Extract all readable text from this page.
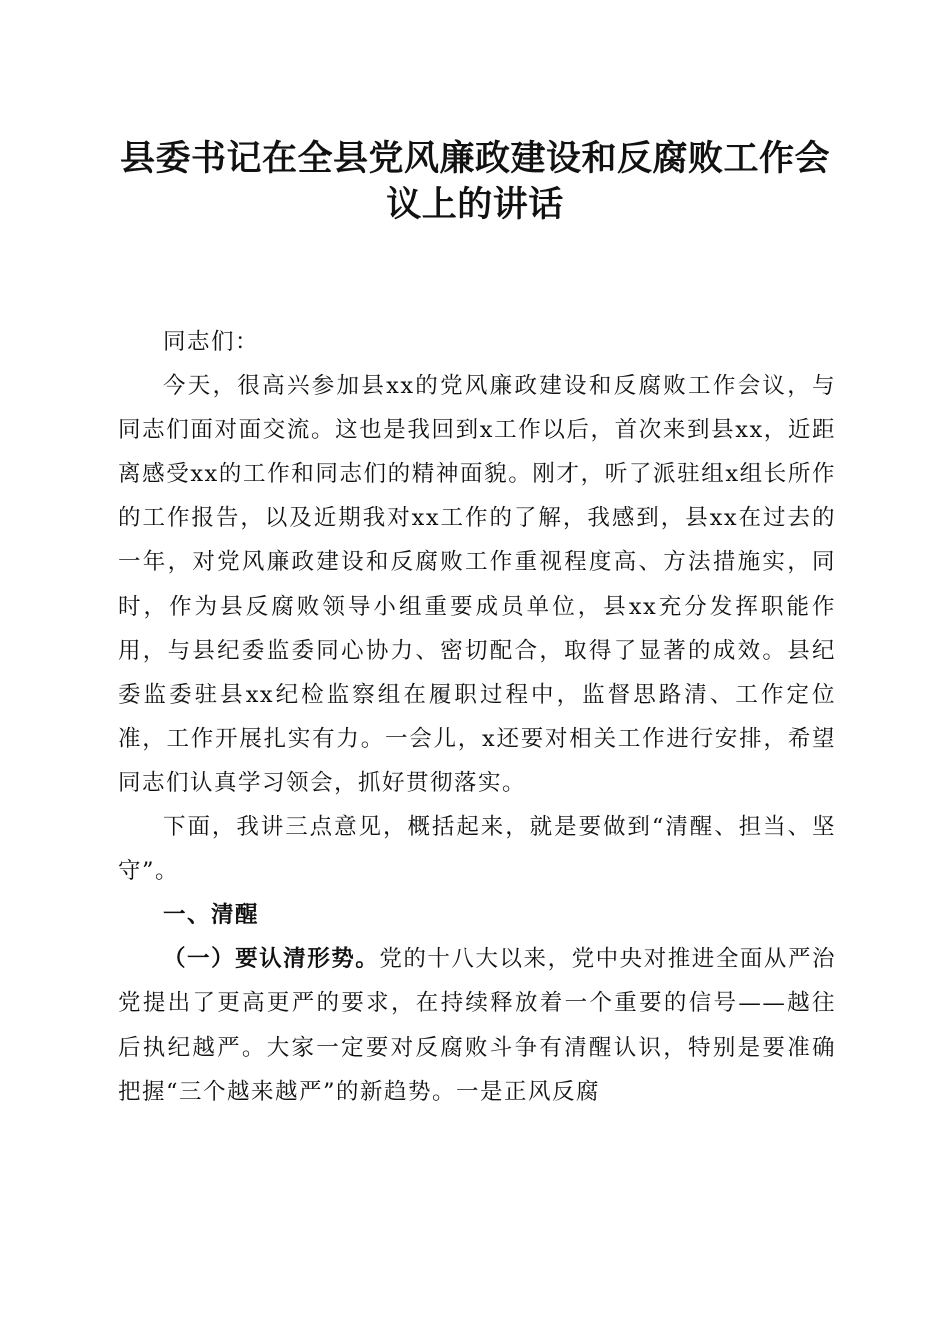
县委书记在全县党风廉政建设和反腐败工作会
议上的讲话

同志们：

今天，很高兴参加县xx的党风廉政建设和反腐败工作会议，与同志们面对面交流。这也是我回到x工作以后，首次来到县xx，近距离感受xx的工作和同志们的精神面貌。刚才，听了派驻组x组长所作的工作报告，以及近期我对xx工作的了解，我感到，县xx在过去的一年，对党风廉政建设和反腐败工作重视程度高、方法措施实，同时，作为县反腐败领导小组重要成员单位，县xx充分发挥职能作用，与县纪委监委同心协力、密切配合，取得了显著的成效。县纪委监委驻县xx纪检监察组在履职过程中，监督思路清、工作定位准，工作开展扎实有力。一会儿，x还要对相关工作进行安排，希望同志们认真学习领会，抓好贯彻落实。

下面，我讲三点意见，概括起来，就是要做到“清醒、担当、坚守”。

一、清醒

（一）要认清形势。党的十八大以来，党中央对推进全面从严治党提出了更高更严的要求，在持续释放着一个重要的信号——越往后执纪越严。大家一定要对反腐败斗争有清醒认识，特别是要准确把握“三个越来越严”的新趋势。一是正风反腐
